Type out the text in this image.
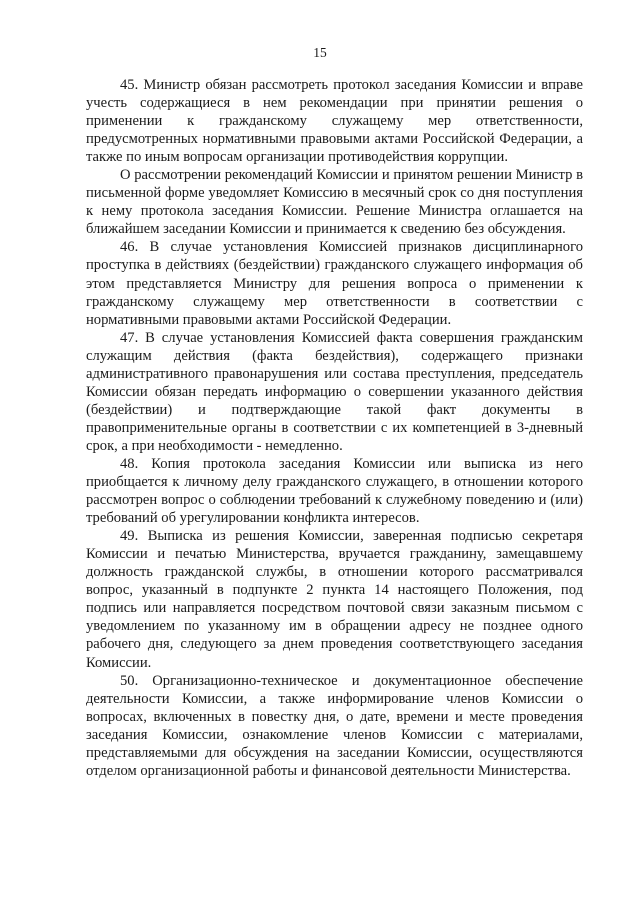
15

45. Министр обязан рассмотреть протокол заседания Комиссии и вправе учесть содержащиеся в нем рекомендации при принятии решения о применении к гражданскому служащему мер ответственности, предусмотренных нормативными правовыми актами Российской Федерации, а также по иным вопросам организации противодействия коррупции.

О рассмотрении рекомендаций Комиссии и принятом решении Министр в письменной форме уведомляет Комиссию в месячный срок со дня поступления к нему протокола заседания Комиссии. Решение Министра оглашается на ближайшем заседании Комиссии и принимается к сведению без обсуждения.

46. В случае установления Комиссией признаков дисциплинарного проступка в действиях (бездействии) гражданского служащего информация об этом представляется Министру для решения вопроса о применении к гражданскому служащему мер ответственности в соответствии с нормативными правовыми актами Российской Федерации.

47. В случае установления Комиссией факта совершения гражданским служащим действия (факта бездействия), содержащего признаки административного правонарушения или состава преступления, председатель Комиссии обязан передать информацию о совершении указанного действия (бездействии) и подтверждающие такой факт документы в правоприменительные органы в соответствии с их компетенцией в 3-дневный срок, а при необходимости - немедленно.

48. Копия протокола заседания Комиссии или выписка из него приобщается к личному делу гражданского служащего, в отношении которого рассмотрен вопрос о соблюдении требований к служебному поведению и (или) требований об урегулировании конфликта интересов.

49. Выписка из решения Комиссии, заверенная подписью секретаря Комиссии и печатью Министерства, вручается гражданину, замещавшему должность гражданской службы, в отношении которого рассматривался вопрос, указанный в подпункте 2 пункта 14 настоящего Положения, под подпись или направляется посредством почтовой связи заказным письмом с уведомлением по указанному им в обращении адресу не позднее одного рабочего дня, следующего за днем проведения соответствующего заседания Комиссии.

50. Организационно-техническое и документационное обеспечение деятельности Комиссии, а также информирование членов Комиссии о вопросах, включенных в повестку дня, о дате, времени и месте проведения заседания Комиссии, ознакомление членов Комиссии с материалами, представляемыми для обсуждения на заседании Комиссии, осуществляются отделом организационной работы и финансовой деятельности Министерства.
